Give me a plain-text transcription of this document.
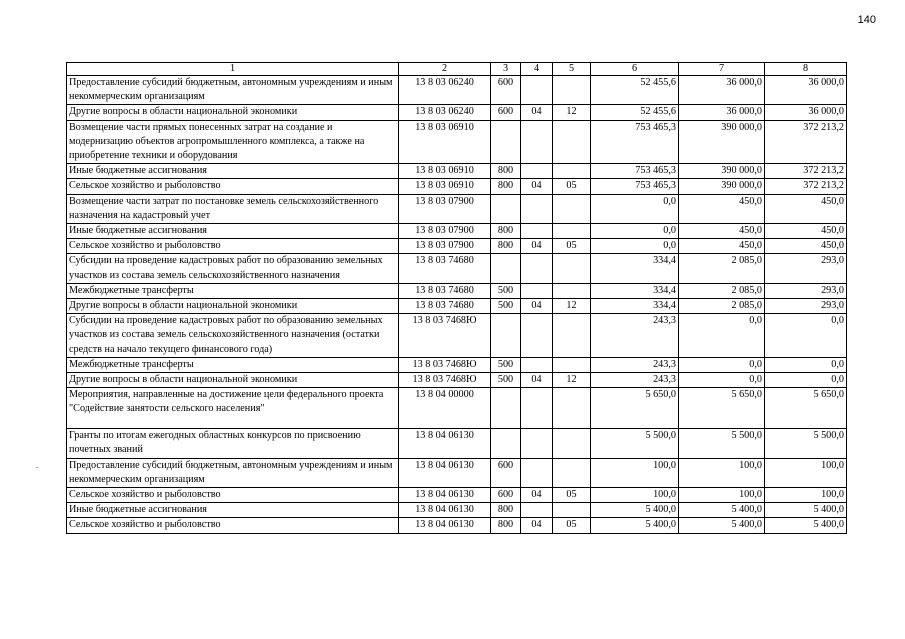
140
1	2	3	4	5	6	7	8
Предоставление субсидий бюджетным, автономным учреждениям и иным некоммерческим организациям	13 8 03 06240	600			52 455,6	36 000,0	36 000,0
Другие вопросы в области национальной экономики	13 8 03 06240	600	04	12	52 455,6	36 000,0	36 000,0
Возмещение части прямых понесенных затрат на создание и модернизацию объектов агропромышленного комплекса, а также на приобретение техники и оборудования	13 8 03 06910				753 465,3	390 000,0	372 213,2
Иные бюджетные ассигнования	13 8 03 06910	800			753 465,3	390 000,0	372 213,2
Сельское хозяйство и рыболовство	13 8 03 06910	800	04	05	753 465,3	390 000,0	372 213,2
Возмещение части затрат по постановке земель сельскохозяйственного назначения на кадастровый учет	13 8 03 07900				0,0	450,0	450,0
Иные бюджетные ассигнования	13 8 03 07900	800			0,0	450,0	450,0
Сельское хозяйство и рыболовство	13 8 03 07900	800	04	05	0,0	450,0	450,0
Субсидии на проведение кадастровых работ по образованию земельных участков из состава земель сельскохозяйственного назначения	13 8 03 74680				334,4	2 085,0	293,0
Межбюджетные трансферты	13 8 03 74680	500			334,4	2 085,0	293,0
Другие вопросы в области национальной экономики	13 8 03 74680	500	04	12	334,4	2 085,0	293,0
Субсидии на проведение кадастровых работ по образованию земельных участков из состава земель сельскохозяйственного назначения (остатки средств на начало текущего финансового года)	13 8 03 7468Ю				243,3	0,0	0,0
Межбюджетные трансферты	13 8 03 7468Ю	500			243,3	0,0	0,0
Другие вопросы в области национальной экономики	13 8 03 7468Ю	500	04	12	243,3	0,0	0,0
Мероприятия, направленные на достижение цели федерального проекта "Содействие занятости сельского населения"	13 8 04 00000				5 650,0	5 650,0	5 650,0
Гранты по итогам ежегодных областных конкурсов по присвоению почетных званий	13 8 04 06130				5 500,0	5 500,0	5 500,0
Предоставление субсидий бюджетным, автономным учреждениям и иным некоммерческим организациям	13 8 04 06130	600			100,0	100,0	100,0
Сельское хозяйство и рыболовство	13 8 04 06130	600	04	05	100,0	100,0	100,0
Иные бюджетные ассигнования	13 8 04 06130	800			5 400,0	5 400,0	5 400,0
Сельское хозяйство и рыболовство	13 8 04 06130	800	04	05	5 400,0	5 400,0	5 400,0
